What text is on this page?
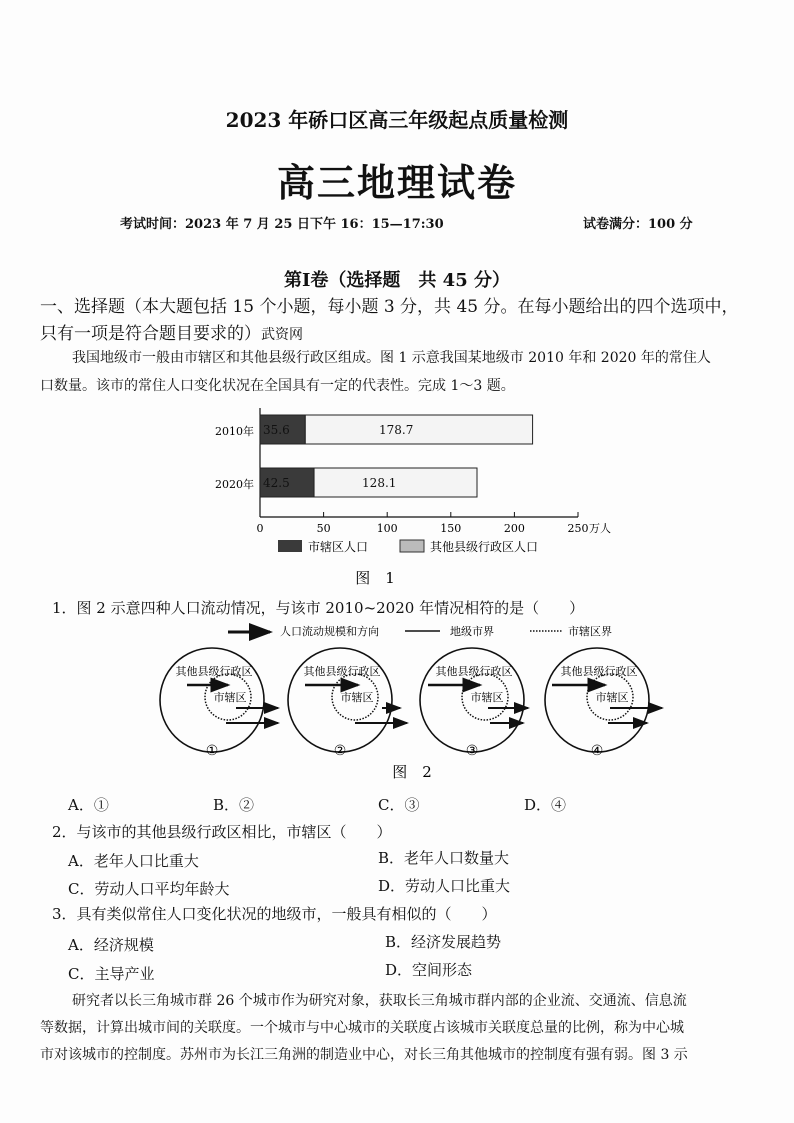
2023 年硚口区高三年级起点质量检测
高三地理试卷
考试时间：2023 年 7 月 25 日下午 16：15—17:30	试卷满分：100 分
第Ⅰ卷（选择题　共 45 分）
一、选择题（本大题包括 15 个小题，每小题 3 分，共 45 分。在每小题给出的四个选项中，
只有一项是符合题目要求的）武资网
我国地级市一般由市辖区和其他县级行政区组成。图 1 示意我国某地级市 2010 年和 2020 年的常住人
口数量。该市的常住人口变化状况在全国具有一定的代表性。完成 1～3 题。
0	50	100	150	200	250 万人
2010年 35.6	178.7
2020年 42.5	128.1
市辖区人口	其他县级行政区人口
图　1
1．图 2 示意四种人口流动情况，与该市 2010~2020 年情况相符的是（　　）
人口流动规模和方向	地级市界	市辖区界
其他县级行政区
市辖区
①
其他县级行政区
市辖区
②
其他县级行政区
市辖区
③
其他县级行政区
市辖区
④
图　2
A．①	B．②	C．③	D．④
2．与该市的其他县级行政区相比，市辖区（　　）
A．老年人口比重大	B．老年人口数量大
C．劳动人口平均年龄大	D．劳动人口比重大
3．具有类似常住人口变化状况的地级市，一般具有相似的（　　）
A．经济规模	B．经济发展趋势
C．主导产业	D．空间形态
研究者以长三角城市群 26 个城市作为研究对象，获取长三角城市群内部的企业流、交通流、信息流
等数据，计算出城市间的关联度。一个城市与中心城市的关联度占该城市关联度总量的比例，称为中心城
市对该城市的控制度。苏州市为长江三角洲的制造业中心，对长三角其他城市的控制度有强有弱。图 3 示
